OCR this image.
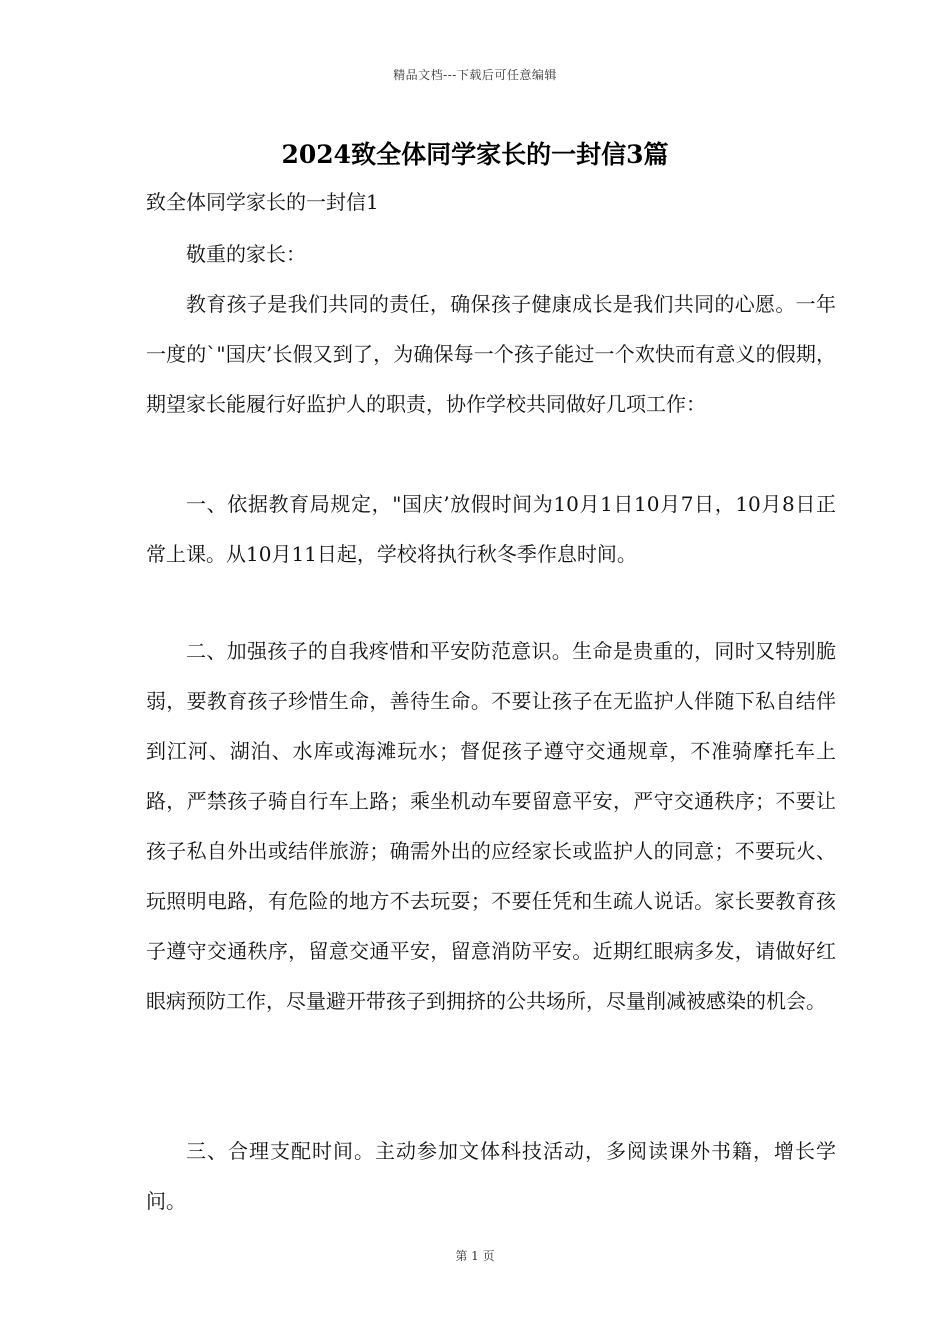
精品文档---下载后可任意编辑
2024致全体同学家长的一封信3篇
致全体同学家长的一封信1

敬重的家长：

教育孩子是我们共同的责任，确保孩子健康成长是我们共同的心愿。一年一度的`"国庆’长假又到了，为确保每一个孩子能过一个欢快而有意义的假期，期望家长能履行好监护人的职责，协作学校共同做好几项工作：

一、依据教育局规定，"国庆’放假时间为10月1日10月7日，10月8日正常上课。从10月11日起，学校将执行秋冬季作息时间。

二、加强孩子的自我疼惜和平安防范意识。生命是贵重的，同时又特别脆弱，要教育孩子珍惜生命，善待生命。不要让孩子在无监护人伴随下私自结伴到江河、湖泊、水库或海滩玩水；督促孩子遵守交通规章，不准骑摩托车上路，严禁孩子骑自行车上路；乘坐机动车要留意平安，严守交通秩序；不要让孩子私自外出或结伴旅游；确需外出的应经家长或监护人的同意；不要玩火、玩照明电路，有危险的地方不去玩耍；不要任凭和生疏人说话。家长要教育孩子遵守交通秩序，留意交通平安，留意消防平安。近期红眼病多发，请做好红眼病预防工作，尽量避开带孩子到拥挤的公共场所，尽量削减被感染的机会。

三、合理支配时间。主动参加文体科技活动，多阅读课外书籍，增长学问。

第 1 页
